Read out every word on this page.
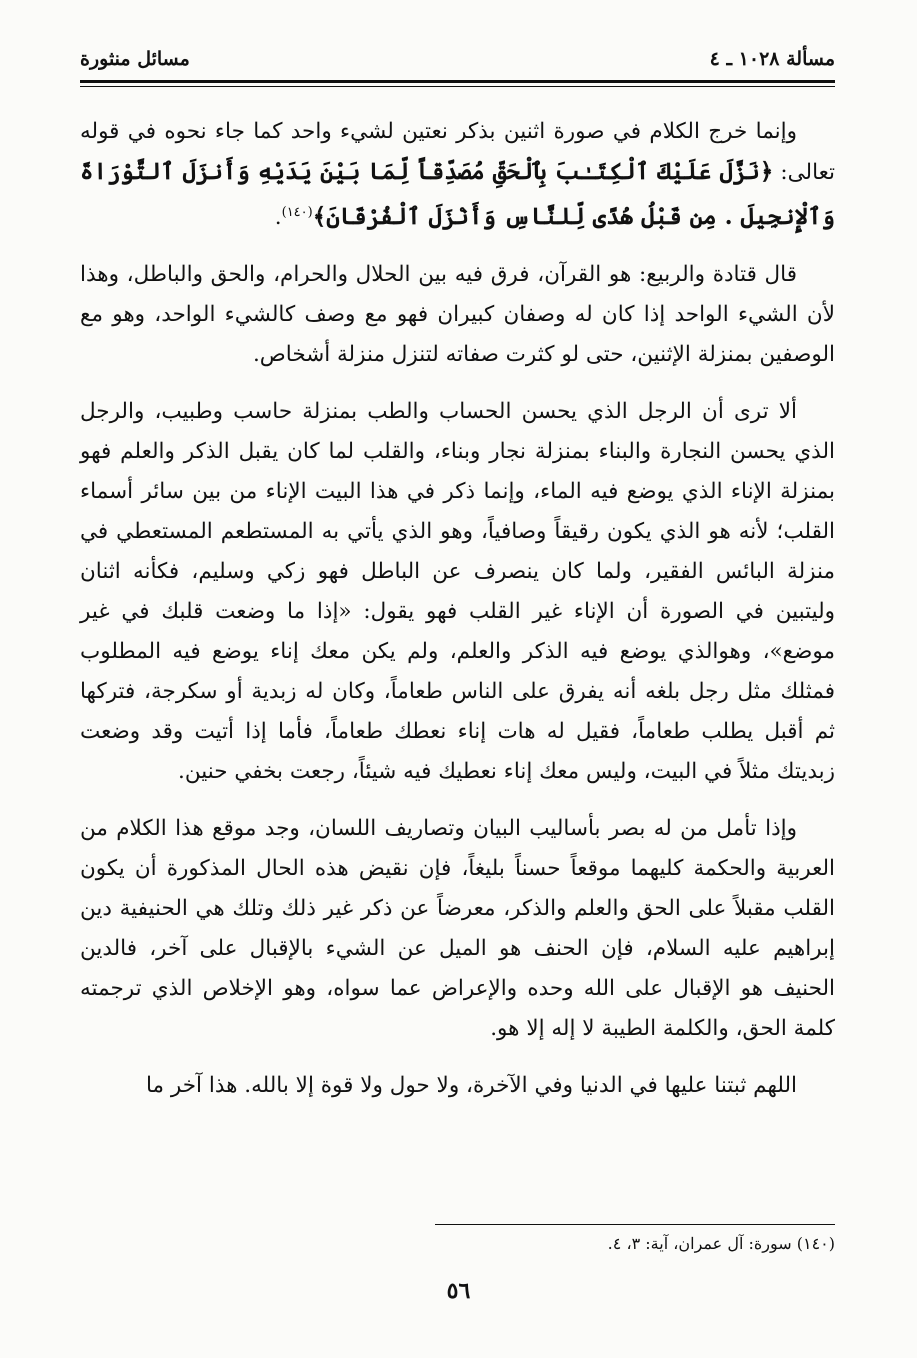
مسألة ١٠٢٨ ـ ٤
مسائل منثورة

وإنما خرج الكلام في صورة اثنين بذكر نعتين لشيء واحد كما جاء نحوه في قوله تعالى: ﴿نَزَّلَ عَلَيْكَ ٱلْكِتَـٰبَ بِٱلْحَقِّ مُصَدِّقاً لِّمَا بَيْنَ يَدَيْهِ وَأَنزَلَ ٱلتَّوْرَاةَ وَٱلْإِنجِيلَ . مِن قَبْلُ هُدًى لِّلنَّاسِ وَأَنْزَلَ ٱلْفُرْقَانَ﴾$^{(١٤٠)}$.

قال قتادة والربيع: هو القرآن، فرق فيه بين الحلال والحرام، والحق والباطل، وهذا لأن الشيء الواحد إذا كان له وصفان كبيران فهو مع وصف كالشيء الواحد، وهو مع الوصفين بمنزلة الإثنين، حتى لو كثرت صفاته لتنزل منزلة أشخاص.

ألا ترى أن الرجل الذي يحسن الحساب والطب بمنزلة حاسب وطبيب، والرجل الذي يحسن النجارة والبناء بمنزلة نجار وبناء، والقلب لما كان يقبل الذكر والعلم فهو بمنزلة الإناء الذي يوضع فيه الماء، وإنما ذكر في هذا البيت الإناء من بين سائر أسماء القلب؛ لأنه هو الذي يكون رقيقاً وصافياً، وهو الذي يأتي به المستطعم المستعطي في منزلة البائس الفقير، ولما كان ينصرف عن الباطل فهو زكي وسليم، فكأنه اثنان وليتبين في الصورة أن الإناء غير القلب فهو يقول: «إذا ما وضعت قلبك في غير موضع»، وهوالذي يوضع فيه الذكر والعلم، ولم يكن معك إناء يوضع فيه المطلوب فمثلك مثل رجل بلغه أنه يفرق على الناس طعاماً، وكان له زبدية أو سكرجة، فتركها ثم أقبل يطلب طعاماً، فقيل له هات إناء نعطك طعاماً، فأما إذا أتيت وقد وضعت زبديتك مثلاً في البيت، وليس معك إناء نعطيك فيه شيئاً، رجعت بخفي حنين.

وإذا تأمل من له بصر بأساليب البيان وتصاريف اللسان، وجد موقع هذا الكلام من العربية والحكمة كليهما موقعاً حسناً بليغاً، فإن نقيض هذه الحال المذكورة أن يكون القلب مقبلاً على الحق والعلم والذكر، معرضاً عن ذكر غير ذلك وتلك هي الحنيفية دين إبراهيم عليه السلام، فإن الحنف هو الميل عن الشيء بالإقبال على آخر، فالدين الحنيف هو الإقبال على الله وحده والإعراض عما سواه، وهو الإخلاص الذي ترجمته كلمة الحق، والكلمة الطيبة لا إله إلا هو.

اللهم ثبتنا عليها في الدنيا وفي الآخرة، ولا حول ولا قوة إلا بالله. هذا آخر ما

(١٤٠) سورة: آل عمران، آية: ٣، ٤.
٥٦
